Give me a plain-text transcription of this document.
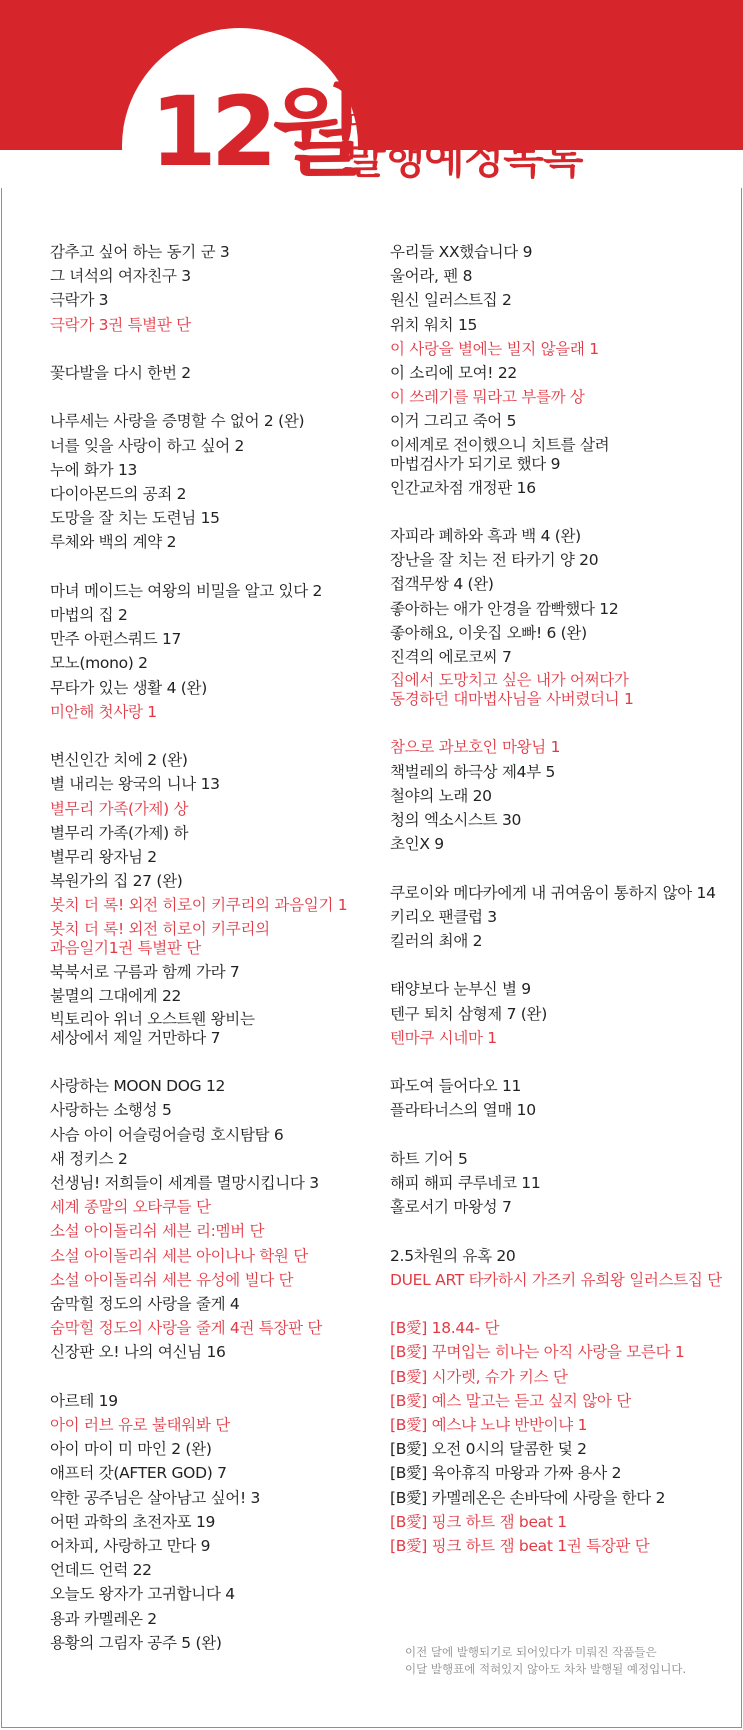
12월
대원씨아이 코믹스
발행예정목록
감추고 싶어 하는 동기 군 3
그 녀석의 여자친구 3
극락가 3
극락가 3권 특별판 단
꽃다발을 다시 한번 2
나루세는 사랑을 증명할 수 없어 2 (완)
너를 잊을 사랑이 하고 싶어 2
누에 화가 13
다이아몬드의 공죄 2
도망을 잘 치는 도련님 15
루체와 백의 계약 2
마녀 메이드는 여왕의 비밀을 알고 있다 2
마법의 집 2
만주 아펀스쿼드 17
모노(mono) 2
무타가 있는 생활 4 (완)
미안해 첫사랑 1
변신인간 치에 2 (완)
별 내리는 왕국의 니나 13
별무리 가족(가제) 상
별무리 가족(가제) 하
별무리 왕자님 2
복원가의 집 27 (완)
봇치 더 록! 외전 히로이 키쿠리의 과음일기 1
봇치 더 록! 외전 히로이 키쿠리의
과음일기1권 특별판 단
북북서로 구름과 함께 가라 7
불멸의 그대에게 22
빅토리아 위너 오스트웬 왕비는
세상에서 제일 거만하다 7
사랑하는 MOON DOG 12
사랑하는 소행성 5
사슴 아이 어슬렁어슬렁 호시탐탐 6
새 정키스 2
선생님! 저희들이 세계를 멸망시킵니다 3
세계 종말의 오타쿠들 단
소설 아이돌리쉬 세븐 리:멤버 단
소설 아이돌리쉬 세븐 아이나나 학원 단
소설 아이돌리쉬 세븐 유성에 빌다 단
숨막힐 정도의 사랑을 줄게 4
숨막힐 정도의 사랑을 줄게 4권 특장판 단
신장판 오! 나의 여신님 16
아르테 19
아이 러브 유로 불태워봐 단
아이 마이 미 마인 2 (완)
애프터 갓(AFTER GOD) 7
약한 공주님은 살아남고 싶어! 3
어떤 과학의 초전자포 19
어차피, 사랑하고 만다 9
언데드 언럭 22
오늘도 왕자가 고귀합니다 4
용과 카멜레온 2
용황의 그림자 공주 5 (완)
우리들 XX했습니다 9
울어라, 펜 8
원신 일러스트집 2
위치 워치 15
이 사랑을 별에는 빌지 않을래 1
이 소리에 모여! 22
이 쓰레기를 뭐라고 부를까 상
이거 그리고 죽어 5
이세계로 전이했으니 치트를 살려
마법검사가 되기로 했다 9
인간교차점 개정판 16
자피라 폐하와 흑과 백 4 (완)
장난을 잘 치는 전 타카기 양 20
접객무쌍 4 (완)
좋아하는 애가 안경을 깜빡했다 12
좋아해요, 이웃집 오빠! 6 (완)
진격의 에로코씨 7
집에서 도망치고 싶은 내가 어쩌다가
동경하던 대마법사님을 사버렸더니 1
참으로 과보호인 마왕님 1
책벌레의 하극상 제4부 5
철야의 노래 20
청의 엑소시스트 30
초인X 9
쿠로이와 메다카에게 내 귀여움이 통하지 않아 14
키리오 팬클럽 3
킬러의 최애 2
태양보다 눈부신 별 9
텐구 퇴치 삼형제 7 (완)
텐마쿠 시네마 1
파도여 들어다오 11
플라타너스의 열매 10
하트 기어 5
해피 해피 쿠루네코 11
홀로서기 마왕성 7
2.5차원의 유혹 20
DUEL ART 타카하시 가즈키 유희왕 일러스트집 단
[B愛] 18.44- 단
[B愛] 꾸며입는 히나는 아직 사랑을 모른다 1
[B愛] 시가렛, 슈가 키스 단
[B愛] 예스 말고는 듣고 싶지 않아 단
[B愛] 예스냐 노냐 반반이냐 1
[B愛] 오전 0시의 달콤한 덫 2
[B愛] 육아휴직 마왕과 가짜 용사 2
[B愛] 카멜레온은 손바닥에 사랑을 한다 2
[B愛] 핑크 하트 잼 beat 1
[B愛] 핑크 하트 잼 beat 1권 특장판 단
이전 달에 발행되기로 되어있다가 미뤄진 작품들은
이달 발행표에 적혀있지 않아도 차차 발행될 예정입니다.
